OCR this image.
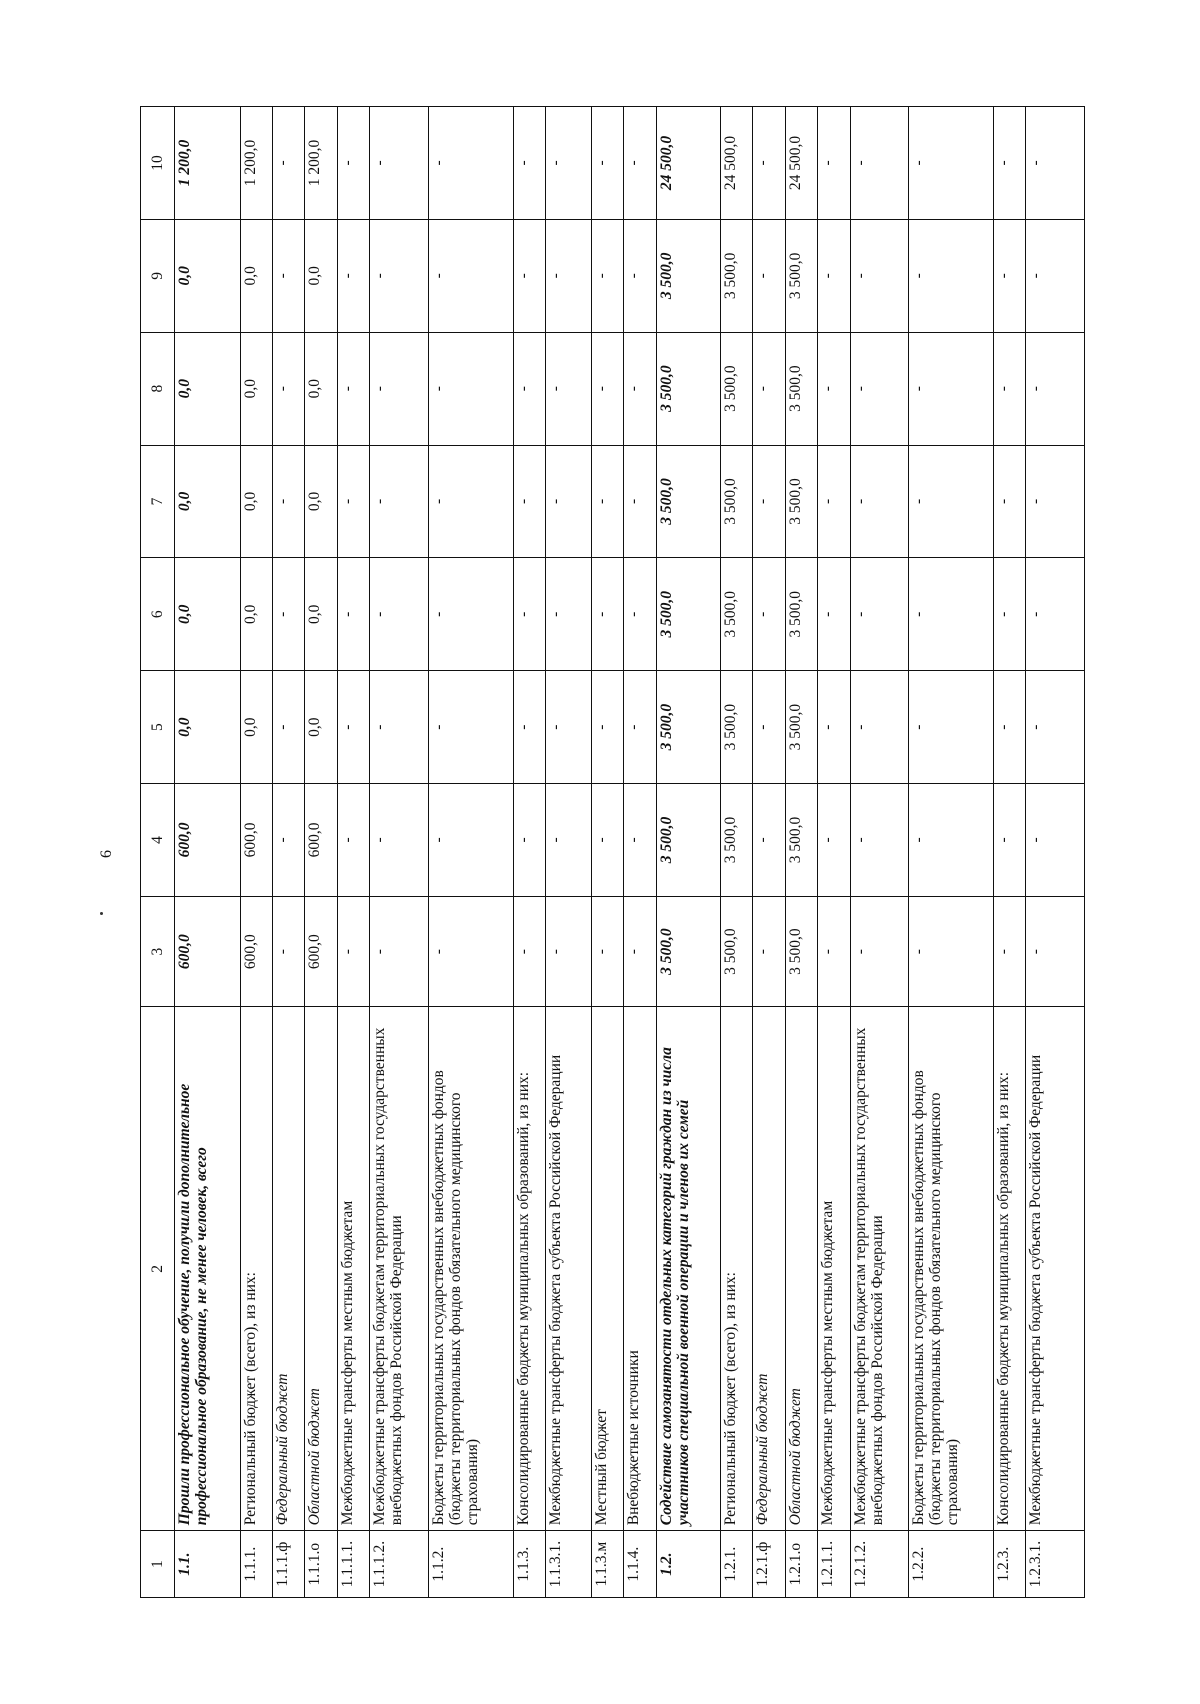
6
1	2	3	4	5	6	7	8	9	10
1.1.	Прошли профессиональное обучение, получили дополнительное профессиональное образование, не менее человек, всего	600,0	600,0	0,0	0,0	0,0	0,0	0,0	1 200,0
1.1.1.	Региональный бюджет (всего), из них:	600,0	600,0	0,0	0,0	0,0	0,0	0,0	1 200,0
1.1.1.ф	Федеральный бюджет	-	-	-	-	-	-	-	-
1.1.1.о	Областной бюджет	600,0	600,0	0,0	0,0	0,0	0,0	0,0	1 200,0
1.1.1.1.	Межбюджетные трансферты местным бюджетам	-	-	-	-	-	-	-	-
1.1.1.2.	Межбюджетные трансферты бюджетам территориальных государственных внебюджетных фондов Российской Федерации	-	-	-	-	-	-	-	-
1.1.2.	Бюджеты территориальных государственных внебюджетных фондов (бюджеты территориальных фондов обязательного медицинского страхования)	-	-	-	-	-	-	-	-
1.1.3.	Консолидированные бюджеты муниципальных образований, из них:	-	-	-	-	-	-	-	-
1.1.3.1.	Межбюджетные трансферты бюджета субъекта Российской Федерации	-	-	-	-	-	-	-	-
1.1.3.м	Местный бюджет	-	-	-	-	-	-	-	-
1.1.4.	Внебюджетные источники	-	-	-	-	-	-	-	-
1.2.	Содействие самозанятости отдельных категорий граждан из числа участников специальной военной операции и членов их семей	3 500,0	3 500,0	3 500,0	3 500,0	3 500,0	3 500,0	3 500,0	24 500,0
1.2.1.	Региональный бюджет (всего), из них:	3 500,0	3 500,0	3 500,0	3 500,0	3 500,0	3 500,0	3 500,0	24 500,0
1.2.1.ф	Федеральный бюджет	-	-	-	-	-	-	-	-
1.2.1.о	Областной бюджет	3 500,0	3 500,0	3 500,0	3 500,0	3 500,0	3 500,0	3 500,0	24 500,0
1.2.1.1.	Межбюджетные трансферты местным бюджетам	-	-	-	-	-	-	-	-
1.2.1.2.	Межбюджетные трансферты бюджетам территориальных государственных внебюджетных фондов Российской Федерации	-	-	-	-	-	-	-	-
1.2.2.	Бюджеты территориальных государственных внебюджетных фондов (бюджеты территориальных фондов обязательного медицинского страхования)	-	-	-	-	-	-	-	-
1.2.3.	Консолидированные бюджеты муниципальных образований, из них:	-	-	-	-	-	-	-	-
1.2.3.1.	Межбюджетные трансферты бюджета субъекта Российской Федерации	-	-	-	-	-	-	-	-
